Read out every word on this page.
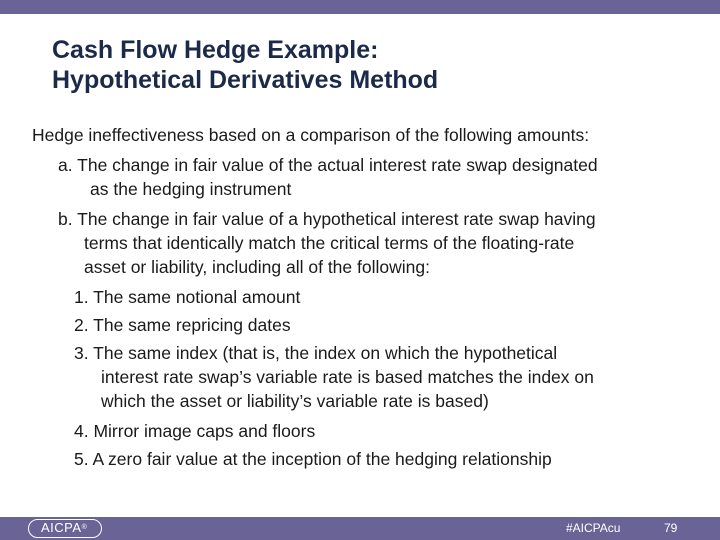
Cash Flow Hedge Example:
Hypothetical Derivatives Method
Hedge ineffectiveness based on a comparison of the following amounts:
a. The change in fair value of the actual interest rate swap designated
as the hedging instrument
b. The change in fair value of a hypothetical interest rate swap having
terms that identically match the critical terms of the floating-rate
asset or liability, including all of the following:
1. The same notional amount
2. The same repricing dates
3. The same index (that is, the index on which the hypothetical
interest rate swap’s variable rate is based matches the index on
which the asset or liability’s variable rate is based)
4. Mirror image caps and floors
5. A zero fair value at the inception of the hedging relationship
AICPA®	#AICPAcu	79
